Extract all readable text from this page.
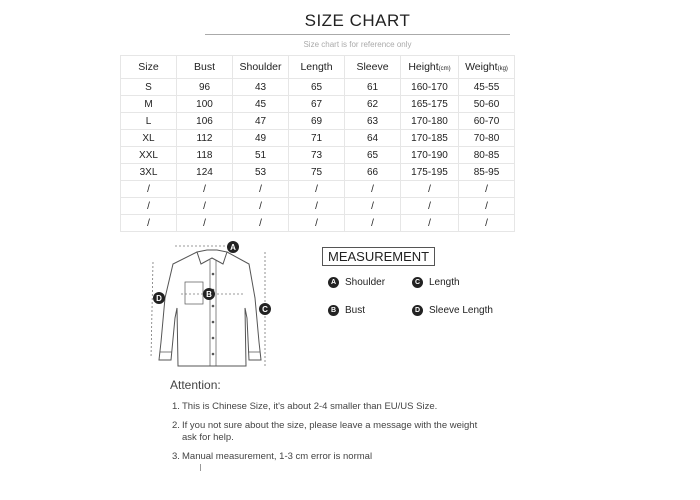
SIZE CHART
Size chart is for reference only
Size	Bust	Shoulder	Length	Sleeve	Height(cm)	Weight(kg)
S	96	43	65	61	160-170	45-55
M	100	45	67	62	165-175	50-60
L	106	47	69	63	170-180	60-70
XL	112	49	71	64	170-185	70-80
XXL	118	51	73	65	170-190	80-85
3XL	124	53	75	66	175-195	85-95
/	/	/	/	/	/	/
/	/	/	/	/	/	/
/	/	/	/	/	/	/
A
B
C
D
MEASUREMENT
A Shoulder	C Length
B Bust	D Sleeve Length
Attention:
1. This is Chinese Size, it's about 2-4 smaller than EU/US Size.
2. If you not sure about the size, please leave a message with the weight ask for help.
3. Manual measurement, 1-3 cm error is normal
